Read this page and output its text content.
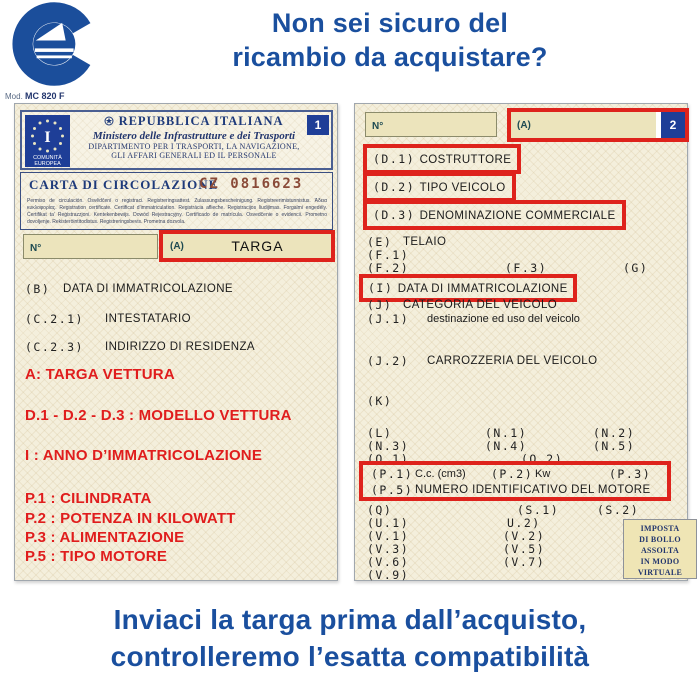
Non sei sicuro del
ricambio da acquistare?
Mod. MC 820 F
I
COMUNITÀ
EUROPEA
REPUBBLICA ITALIANA
Ministero delle Infrastrutture e dei Trasporti
DIPARTIMENTO PER I TRASPORTI, LA NAVIGAZIONE,
GLI AFFARI GENERALI ED IL PERSONALE
1
CARTA DI CIRCOLAZIONE
CZ 0816623
Permiso de circulación. Osvědčení o registraci. Registreringsattest. Zulassungsbescheinigung. Registreerimistunnistus. Άδεια κυκλοφορίας. Registration certificate. Certificat d’immatriculation. Registrácia aflieche. Registracijos liudijimas. Forgalmi engedély. Ċertifikat ta’ Reġistrazzjoni. Kentekenbewijs. Dowód Rejestracyjny. Certificado de matrícula. Osvedčenie o evidencii. Prometno dovoljenje. Rekisteröintitodistus. Registreringsbevis. Prometna dozvola.
N°	(A)	TARGA
(B) DATA DI IMMATRICOLAZIONE
(C.2.1) INTESTATARIO
(C.2.3) INDIRIZZO DI RESIDENZA
A: TARGA VETTURA
D.1 - D.2 - D.3 : MODELLO VETTURA
I : ANNO D’IMMATRICOLAZIONE
P.1 : CILINDRATA
P.2 : POTENZA IN KILOWATT
P.3 : ALIMENTAZIONE
P.5 : TIPO MOTORE
N°	(A)	2
(D.1) COSTRUTTORE
(D.2) TIPO VEICOLO
(D.3) DENOMINAZIONE COMMERCIALE
(E) TELAIO
(F.1)
(F.2)	(F.3)	(G)
(I) DATA DI IMMATRICOLAZIONE
(J) CATEGORIA DEL VEICOLO
(J.1) destinazione ed uso del veicolo
(J.2) CARROZZERIA DEL VEICOLO
(K)
(L)	(N.1)	(N.2)
(N.3)	(N.4)	(N.5)
(O.1)	(O.2)
(P.1) C.c. (cm3) (P.2) Kw	(P.3)
(P.5) NUMERO IDENTIFICATIVO DEL MOTORE
(Q)	(S.1)	(S.2)
(U.1)	U.2)
(V.1)	(V.2)
(V.3)	(V.5)
(V.6)	(V.7)
(V.9)
IMPOSTA
DI BOLLO
ASSOLTA
IN MODO
VIRTUALE
Inviaci la targa prima dall’acquisto,
controlleremo l’esatta compatibilità
